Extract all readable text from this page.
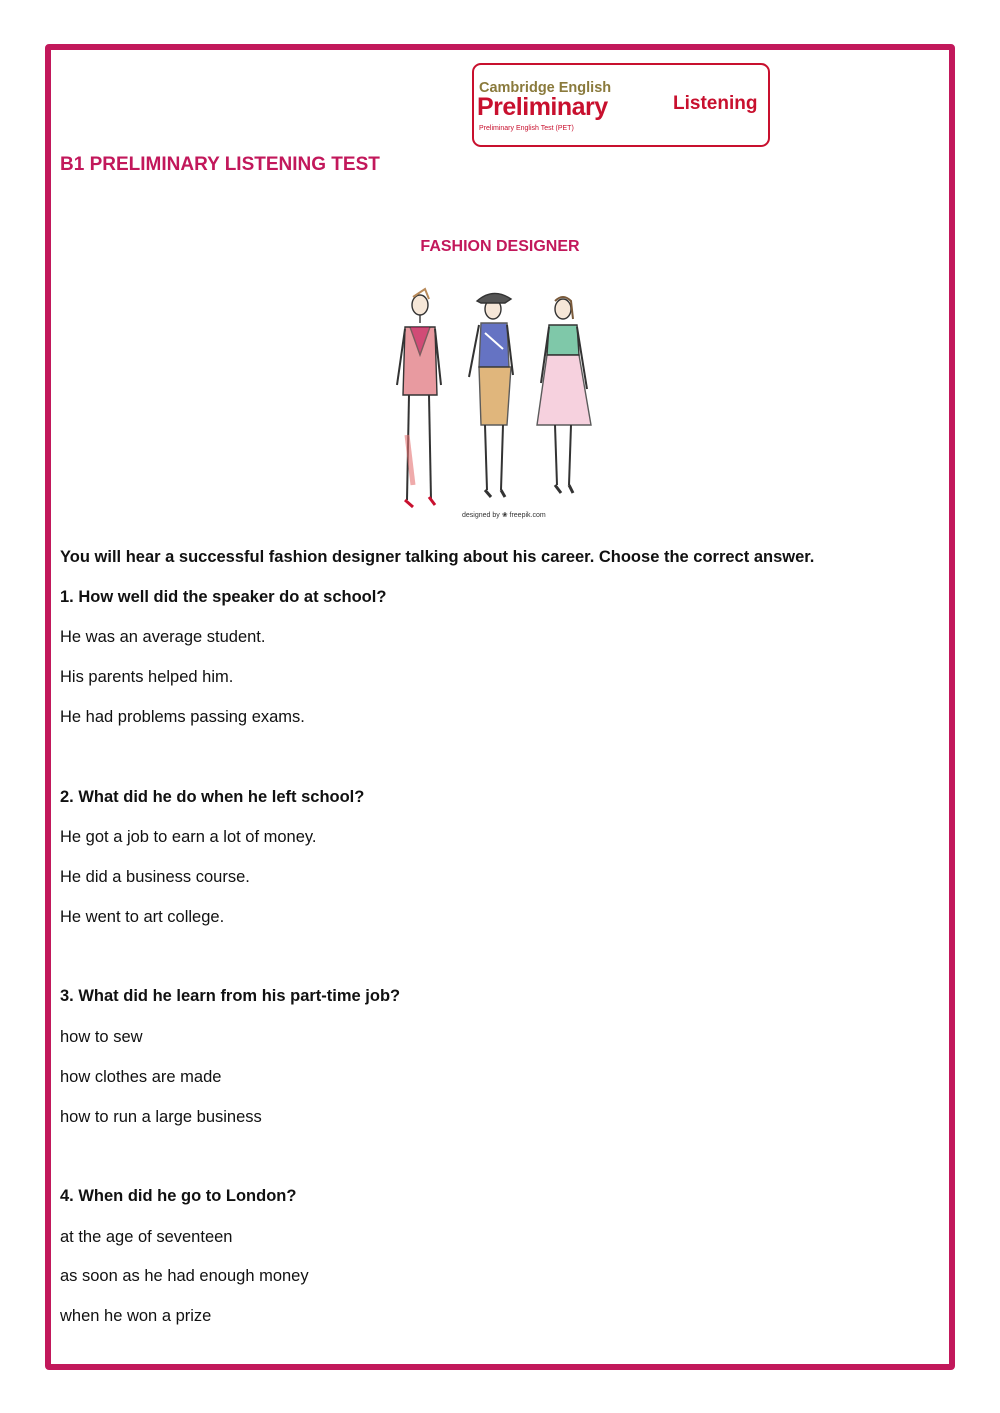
Cambridge English
Preliminary
Preliminary English Test (PET)
Listening
B1 PRELIMINARY LISTENING TEST
FASHION DESIGNER
designed by ❀ freepik.com
You will hear a successful fashion designer talking about his career. Choose the correct answer.
1. How well did the speaker do at school?
He was an average student.
His parents helped him.
He had problems passing exams.
2. What did he do when he left school?
He got a job to earn a lot of money.
He did a business course.
He went to art college.
3. What did he learn from his part-time job?
how to sew
how clothes are made
how to run a large business
4. When did he go to London?
at the age of seventeen
as soon as he had enough money
when he won a prize
